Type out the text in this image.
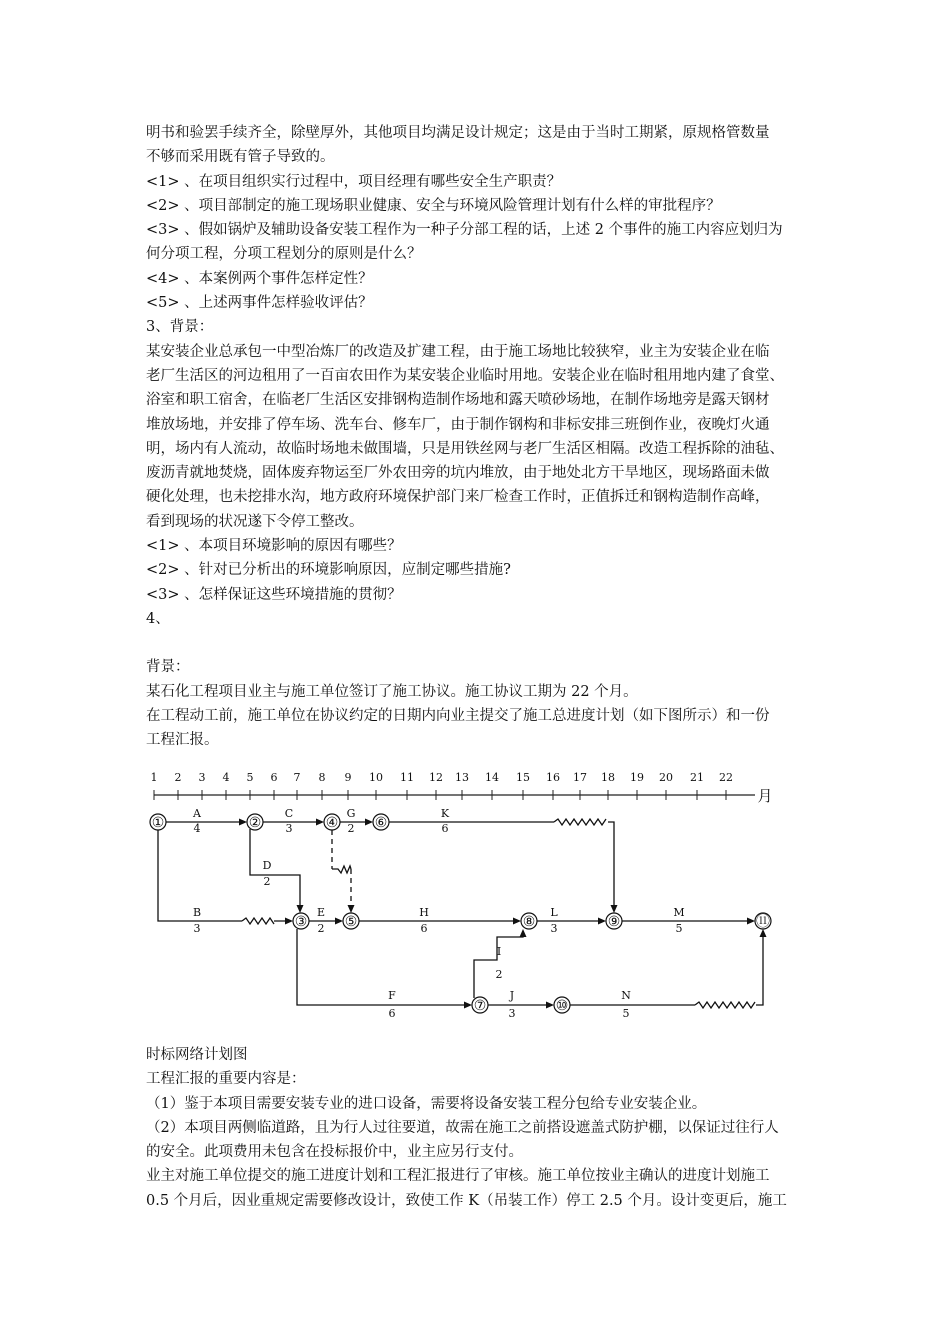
明书和验罢手续齐全，除壁厚外，其他项目均满足设计规定；这是由于当时工期紧，原规格管数量
不够而采用既有管子导致的。
<1> 、在项目组织实行过程中，项目经理有哪些安全生产职责？
<2> 、项目部制定的施工现场职业健康、安全与环境风险管理计划有什么样的审批程序？
<3> 、假如锅炉及辅助设备安装工程作为一种子分部工程的话，上述 2 个事件的施工内容应划归为
何分项工程，分项工程划分的原则是什么？
<4> 、本案例两个事件怎样定性？
<5> 、上述两事件怎样验收评估？
3、背景：
某安装企业总承包一中型冶炼厂的改造及扩建工程，由于施工场地比较狭窄，业主为安装企业在临
老厂生活区的河边租用了一百亩农田作为某安装企业临时用地。安装企业在临时租用地内建了食堂、
浴室和职工宿舍，在临老厂生活区安排钢构造制作场地和露天喷砂场地，在制作场地旁是露天钢材
堆放场地，并安排了停车场、洗车台、修车厂，由于制作钢构和非标安排三班倒作业，夜晚灯火通
明，场内有人流动，故临时场地未做围墙，只是用铁丝网与老厂生活区相隔。改造工程拆除的油毡、
废沥青就地焚烧，固体废弃物运至厂外农田旁的坑内堆放，由于地处北方干旱地区，现场路面未做
硬化处理，也未挖排水沟，地方政府环境保护部门来厂检查工作时，正值拆迁和钢构造制作高峰，
看到现场的状况遂下令停工整改。
<1> 、本项目环境影响的原因有哪些？
<2> 、针对已分析出的环境影响原因，应制定哪些措施?
<3> 、怎样保证这些环境措施的贯彻？
4、
背景：
某石化工程项目业主与施工单位签订了施工协议。施工协议工期为 22 个月。
在工程动工前，施工单位在协议约定的日期内向业主提交了施工总进度计划（如下图所示）和一份
工程汇报。
1 2 3 4 5 6 7 8 9 10 11 12 13 14 15 16 17 18 19 20 21 22
月
A
4
C
3
G
2
K
6
D
2
B
3
E
2
H
6
L
3
M
5
I
2
F
6
J
3
N
5
①	②
③
④
⑤
⑥
⑦
⑧	⑨
⑩
⑪
时标网络计划图
工程汇报的重要内容是：
（1）鉴于本项目需要安装专业的进口设备，需要将设备安装工程分包给专业安装企业。
（2）本项目两侧临道路，且为行人过往要道，故需在施工之前搭设遮盖式防护棚，以保证过往行人
的安全。此项费用未包含在投标报价中，业主应另行支付。
业主对施工单位提交的施工进度计划和工程汇报进行了审核。施工单位按业主确认的进度计划施工
0.5 个月后，因业重规定需要修改设计，致使工作 K（吊装工作）停工 2.5 个月。设计变更后，施工
